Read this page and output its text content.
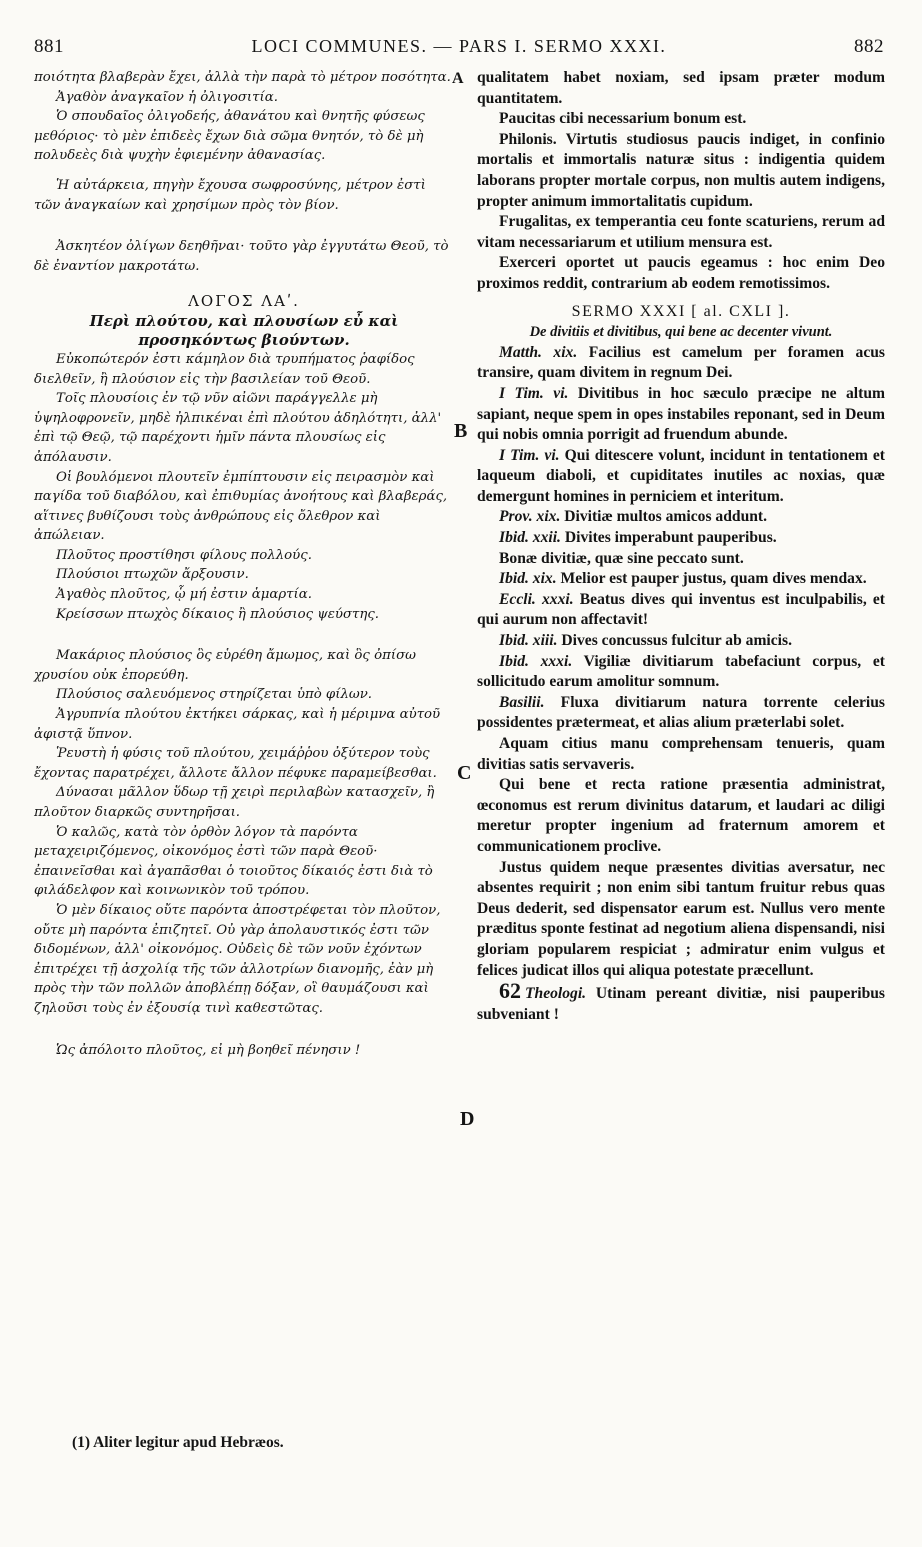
881	LOCI COMMUNES. — PARS I. SERMO XXXI.	882
A
B
C
D

ποιότητα βλαβερὰν ἔχει, ἀλλὰ τὴν παρὰ τὸ μέτρον ποσότητα.

Ἀγαθὸν ἀναγκαῖον ἡ ὀλιγοσιτία.

Ὁ σπουδαῖος ὀλιγοδεής, ἀθανάτου καὶ θνητῆς φύσεως μεθόριος· τὸ μὲν ἐπιδεὲς ἔχων διὰ σῶμα θνητόν, τὸ δὲ μὴ πολυδεὲς διὰ ψυχὴν ἐφιεμένην ἀθανασίας.

Ἡ αὐτάρκεια, πηγὴν ἔχουσα σωφροσύνης, μέτρον ἐστὶ τῶν ἀναγκαίων καὶ χρησίμων πρὸς τὸν βίον.

Ἀσκητέον ὀλίγων δεηθῆναι· τοῦτο γὰρ ἐγγυτάτω Θεοῦ, τὸ δὲ ἐναντίον μακροτάτω.

ΛΟΓΟΣ ΛΑʹ.
Περὶ πλούτου, καὶ πλουσίων εὖ καὶ προσηκόντως βιούντων.

Εὐκοπώτερόν ἐστι κάμηλον διὰ τρυπήματος ῥαφίδος διελθεῖν, ἢ πλούσιον εἰς τὴν βασιλείαν τοῦ Θεοῦ.

Τοῖς πλουσίοις ἐν τῷ νῦν αἰῶνι παράγγελλε μὴ ὑψηλοφρονεῖν, μηδὲ ἠλπικέναι ἐπὶ πλούτου ἀδηλότητι, ἀλλ' ἐπὶ τῷ Θεῷ, τῷ παρέχοντι ἡμῖν πάντα πλουσίως εἰς ἀπόλαυσιν.

Οἱ βουλόμενοι πλουτεῖν ἐμπίπτουσιν εἰς πειρασμὸν καὶ παγίδα τοῦ διαβόλου, καὶ ἐπιθυμίας ἀνοήτους καὶ βλαβεράς, αἵτινες βυθίζουσι τοὺς ἀνθρώπους εἰς ὄλεθρον καὶ ἀπώλειαν.

Πλοῦτος προστίθησι φίλους πολλούς.

Πλούσιοι πτωχῶν ἄρξουσιν.

Ἀγαθὸς πλοῦτος, ᾧ μή ἐστιν ἁμαρτία.

Κρείσσων πτωχὸς δίκαιος ἢ πλούσιος ψεύστης.

Μακάριος πλούσιος ὃς εὑρέθη ἄμωμος, καὶ ὃς ὀπίσω χρυσίου οὐκ ἐπορεύθη.

Πλούσιος σαλευόμενος στηρίζεται ὑπὸ φίλων.

Ἀγρυπνία πλούτου ἐκτήκει σάρκας, καὶ ἡ μέριμνα αὐτοῦ ἀφιστᾷ ὕπνον.

Ῥευστὴ ἡ φύσις τοῦ πλούτου, χειμάῤῥου ὀξύτερον τοὺς ἔχοντας παρατρέχει, ἄλλοτε ἄλλον πέφυκε παραμείβεσθαι.

Δύνασαι μᾶλλον ὕδωρ τῇ χειρὶ περιλαβὼν κατασχεῖν, ἢ πλοῦτον διαρκῶς συντηρῆσαι.

Ὁ καλῶς, κατὰ τὸν ὀρθὸν λόγον τὰ παρόντα μεταχειριζόμενος, οἰκονόμος ἐστὶ τῶν παρὰ Θεοῦ· ἐπαινεῖσθαι καὶ ἀγαπᾶσθαι ὁ τοιοῦτος δίκαιός ἐστι διὰ τὸ φιλάδελφον καὶ κοινωνικὸν τοῦ τρόπου.

Ὁ μὲν δίκαιος οὔτε παρόντα ἀποστρέφεται τὸν πλοῦτον, οὔτε μὴ παρόντα ἐπιζητεῖ. Οὐ γὰρ ἀπολαυστικός ἐστι τῶν διδομένων, ἀλλ' οἰκονόμος. Οὐδεὶς δὲ τῶν νοῦν ἐχόντων ἐπιτρέχει τῇ ἀσχολίᾳ τῆς τῶν ἀλλοτρίων διανομῆς, ἐὰν μὴ πρὸς τὴν τῶν πολλῶν ἀποβλέπῃ δόξαν, οἳ θαυμάζουσι καὶ ζηλοῦσι τοὺς ἐν ἐξουσίᾳ τινὶ καθεστῶτας.

Ὡς ἀπόλοιτο πλοῦτος, εἰ μὴ βοηθεῖ πένησιν !

qualitatem habet noxiam, sed ipsam præter modum quantitatem.

Paucitas cibi necessarium bonum est.

Philonis. Virtutis studiosus paucis indiget, in confinio mortalis et immortalis naturæ situs : indigentia quidem laborans propter mortale corpus, non multis autem indigens, propter animum immortalitatis cupidum.

Frugalitas, ex temperantia ceu fonte scaturiens, rerum ad vitam necessariarum et utilium mensura est.

Exerceri oportet ut paucis egeamus : hoc enim Deo proximos reddit, contrarium ab eodem remotissimos.

SERMO XXXI [ al. CXLI ].
De divitiis et divitibus, qui bene ac decenter vivunt.

Matth. xix. Facilius est camelum per foramen acus transire, quam divitem in regnum Dei.

I Tim. vi. Divitibus in hoc sæculo præcipe ne altum sapiant, neque spem in opes instabiles reponant, sed in Deum qui nobis omnia porrigit ad fruendum abunde.

I Tim. vi. Qui ditescere volunt, incidunt in tentationem et laqueum diaboli, et cupiditates inutiles ac noxias, quæ demergunt homines in perniciem et interitum.

Prov. xix. Divitiæ multos amicos addunt.

Ibid. xxii. Divites imperabunt pauperibus.

Bonæ divitiæ, quæ sine peccato sunt.

Ibid. xix. Melior est pauper justus, quam dives mendax.

Eccli. xxxi. Beatus dives qui inventus est inculpabilis, et qui aurum non affectavit!

Ibid. xiii. Dives concussus fulcitur ab amicis.

Ibid. xxxi. Vigiliæ divitiarum tabefaciunt corpus, et sollicitudo earum amolitur somnum.

Basilii. Fluxa divitiarum natura torrente celerius possidentes prætermeat, et alias alium præterlabi solet.

Aquam citius manu comprehensam tenueris, quam divitias satis servaveris.

Qui bene et recta ratione præsentia administrat, œconomus est rerum divinitus datarum, et laudari ac diligi meretur propter ingenium ad fraternum amorem et communicationem proclive.

Justus quidem neque præsentes divitias aversatur, nec absentes requirit ; non enim sibi tantum fruitur rebus quas Deus dederit, sed dispensator earum est. Nullus vero mente præditus sponte festinat ad negotium aliena dispensandi, nisi gloriam popularem respiciat ; admiratur enim vulgus et felices judicat illos qui aliqua potestate præcellunt.

62 Theologi. Utinam pereant divitiæ, nisi pauperibus subveniant !

(1) Aliter legitur apud Hebræos.
